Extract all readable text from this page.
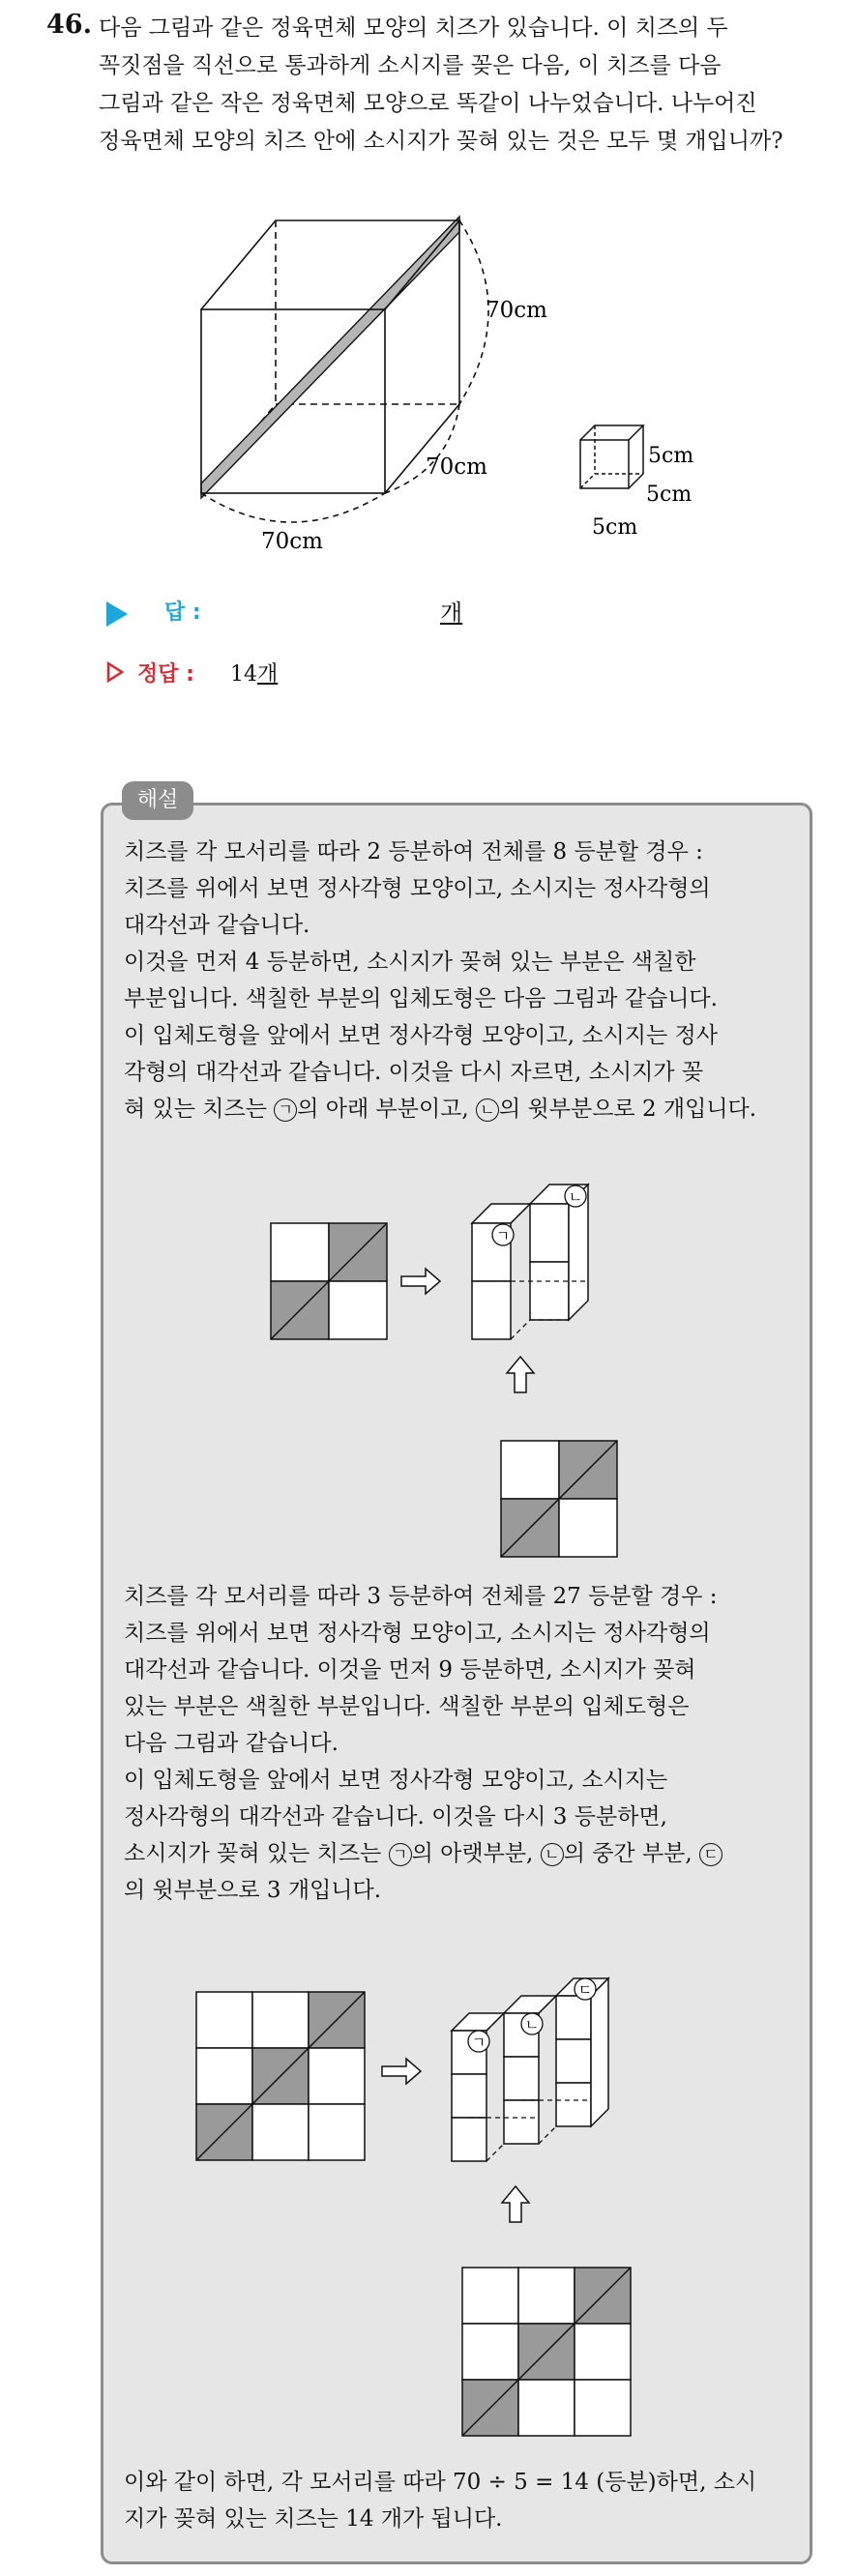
46. 다음 그림과 같은 정육면체 모양의 치즈가 있습니다. 이 치즈의 두
꼭짓점을 직선으로 통과하게 소시지를 꽂은 다음, 이 치즈를 다음
그림과 같은 작은 정육면체 모양으로 똑같이 나누었습니다. 나누어진
정육면체 모양의 치즈 안에 소시지가 꽂혀 있는 것은 모두 몇 개입니까?
70cm
70cm
70cm
5cm
5cm
5cm
답 :	개
정답 : 14개
해설
치즈를 각 모서리를 따라 2 등분하여 전체를 8 등분할 경우 :
치즈를 위에서 보면 정사각형 모양이고, 소시지는 정사각형의
대각선과 같습니다.
이것을 먼저 4 등분하면, 소시지가 꽂혀 있는 부분은 색칠한
부분입니다. 색칠한 부분의 입체도형은 다음 그림과 같습니다.
이 입체도형을 앞에서 보면 정사각형 모양이고, 소시지는 정사
각형의 대각선과 같습니다. 이것을 다시 자르면, 소시지가 꽂
혀 있는 치즈는 ㄱ 의 아래 부분이고, ㄴ 의 윗부분으로 2 개입니다.
ㄱ
ㄴ
치즈를 각 모서리를 따라 3 등분하여 전체를 27 등분할 경우 :
치즈를 위에서 보면 정사각형 모양이고, 소시지는 정사각형의
대각선과 같습니다. 이것을 먼저 9 등분하면, 소시지가 꽂혀
있는 부분은 색칠한 부분입니다. 색칠한 부분의 입체도형은
다음 그림과 같습니다.
이 입체도형을 앞에서 보면 정사각형 모양이고, 소시지는
정사각형의 대각선과 같습니다. 이것을 다시 3 등분하면,
소시지가 꽂혀 있는 치즈는 ㄱ 의 아랫부분, ㄴ 의 중간 부분, ㄷ
의 윗부분으로 3 개입니다.
ㄱ
ㄴ
ㄷ
이와 같이 하면, 각 모서리를 따라 70 ÷ 5 = 14 (등분)하면, 소시
지가 꽂혀 있는 치즈는 14 개가 됩니다.
